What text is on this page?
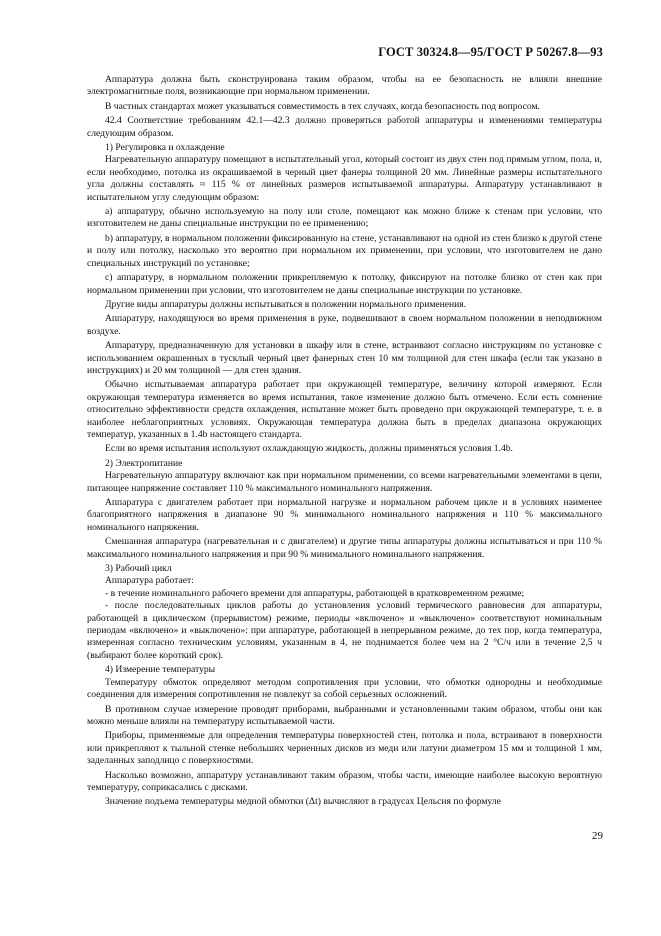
ГОСТ 30324.8—95/ГОСТ Р 50267.8—93

Аппаратура должна быть сконструирована таким образом, чтобы на ее безопасность не влияли внешние электромагнитные поля, возникающие при нормальном применении.

В частных стандартах может указываться совместимость в тех случаях, когда безопасность под вопросом.

42.4 Соответствие требованиям 42.1—42.3 должно проверяться работой аппаратуры и изменениями температуры следующим образом.

1) Регулировка и охлаждение

Нагревательную аппаратуру помещают в испытательный угол, который состоит из двух стен под прямым углом, пола, и, если необходимо, потолка из окрашиваемой в черный цвет фанеры толщиной 20 мм. Линейные размеры испытательного угла должны составлять ≈ 115 % от линейных размеров испытываемой аппаратуры. Аппаратуру устанавливают в испытательном углу следующим образом:

а) аппаратуру, обычно используемую на полу или столе, помещают как можно ближе к стенам при условии, что изготовителем не даны специальные инструкции по ее применению;

b) аппаратуру, в нормальном положении фиксированную на стене, устанавливают на одной из стен близко к другой стене и полу или потолку, насколько это вероятно при нормальном их применении, при условии, что изготовителем не дано специальных инструкций по установке;

с) аппаратуру, в нормальном положении прикрепляемую к потолку, фиксируют на потолке близко от стен как при нормальном применении при условии, что изготовителем не даны специальные инструкции по установке.

Другие виды аппаратуры должны испытываться в положении нормального применения.

Аппаратуру, находящуюся во время применения в руке, подвешивают в своем нормальном положении в неподвижном воздухе.

Аппаратуру, предназначенную для установки в шкафу или в стене, встраивают согласно инструкциям по установке с использованием окрашенных в тусклый черный цвет фанерных стен 10 мм толщиной для стен шкафа (если так указано в инструкциях) и 20 мм толщиной — для стен здания.

Обычно испытываемая аппаратура работает при окружающей температуре, величину которой измеряют. Если окружающая температура изменяется во время испытания, такое изменение должно быть отмечено. Если есть сомнение относительно эффективности средств охлаждения, испытание может быть проведено при окружающей температуре, т. е. в наиболее неблагоприятных условиях. Окружающая температура должна быть в пределах диапазона окружающих температур, указанных в 1.4b настоящего стандарта.

Если во время испытания используют охлаждающую жидкость, должны применяться условия 1.4b.

2) Электропитание

Нагревательную аппаратуру включают как при нормальном применении, со всеми нагревательными элементами в цепи, питающее напряжение составляет 110 % максимального номинального напряжения.

Аппаратура с двигателем работает при нормальной нагрузке и нормальном рабочем цикле и в условиях наименее благоприятного напряжения в диапазоне 90 % минимального номинального напряжения и 110 % максимального номинального напряжения.

Смешанная аппаратура (нагревательная и с двигателем) и другие типы аппаратуры должны испытываться и при 110 % максимального номинального напряжения и при 90 % минимального номинального напряжения.

3) Рабочий цикл

Аппаратура работает:

- в течение номинального рабочего времени для аппаратуры, работающей в кратковременном режиме;

- после последовательных циклов работы до установления условий термического равновесия для аппаратуры, работающей в циклическом (прерывистом) режиме, периоды «включено» и «выключено» соответствуют номинальным периодам «включено» и «выключено»: при аппаратуре, работающей в непрерывном режиме, до тех пор, когда температура, измеренная согласно техническим условиям, указанным в 4, не поднимается более чем на 2 °С/ч или в течение 2,5 ч (выбирают более короткий срок).

4) Измерение температуры

Температуру обмоток определяют методом сопротивления при условии, что обмотки однородны и необходимые соединения для измерения сопротивления не повлекут за собой серьезных осложнений.

В противном случае измерение проводят приборами, выбранными и установленными таким образом, чтобы они как можно меньше влияли на температуру испытываемой части.

Приборы, применяемые для определения температуры поверхностей стен, потолка и пола, встраивают в поверхности или прикрепляют к тыльной стенке небольших черненных дисков из меди или латуни диаметром 15 мм и толщиной 1 мм, заделанных заподлицо с поверхностями.

Насколько возможно, аппаратуру устанавливают таким образом, чтобы части, имеющие наиболее высокую вероятную температуру, соприкасались с дисками.

Значение подъема температуры медной обмотки (Δt) вычисляют в градусах Цельсия по формуле

29
